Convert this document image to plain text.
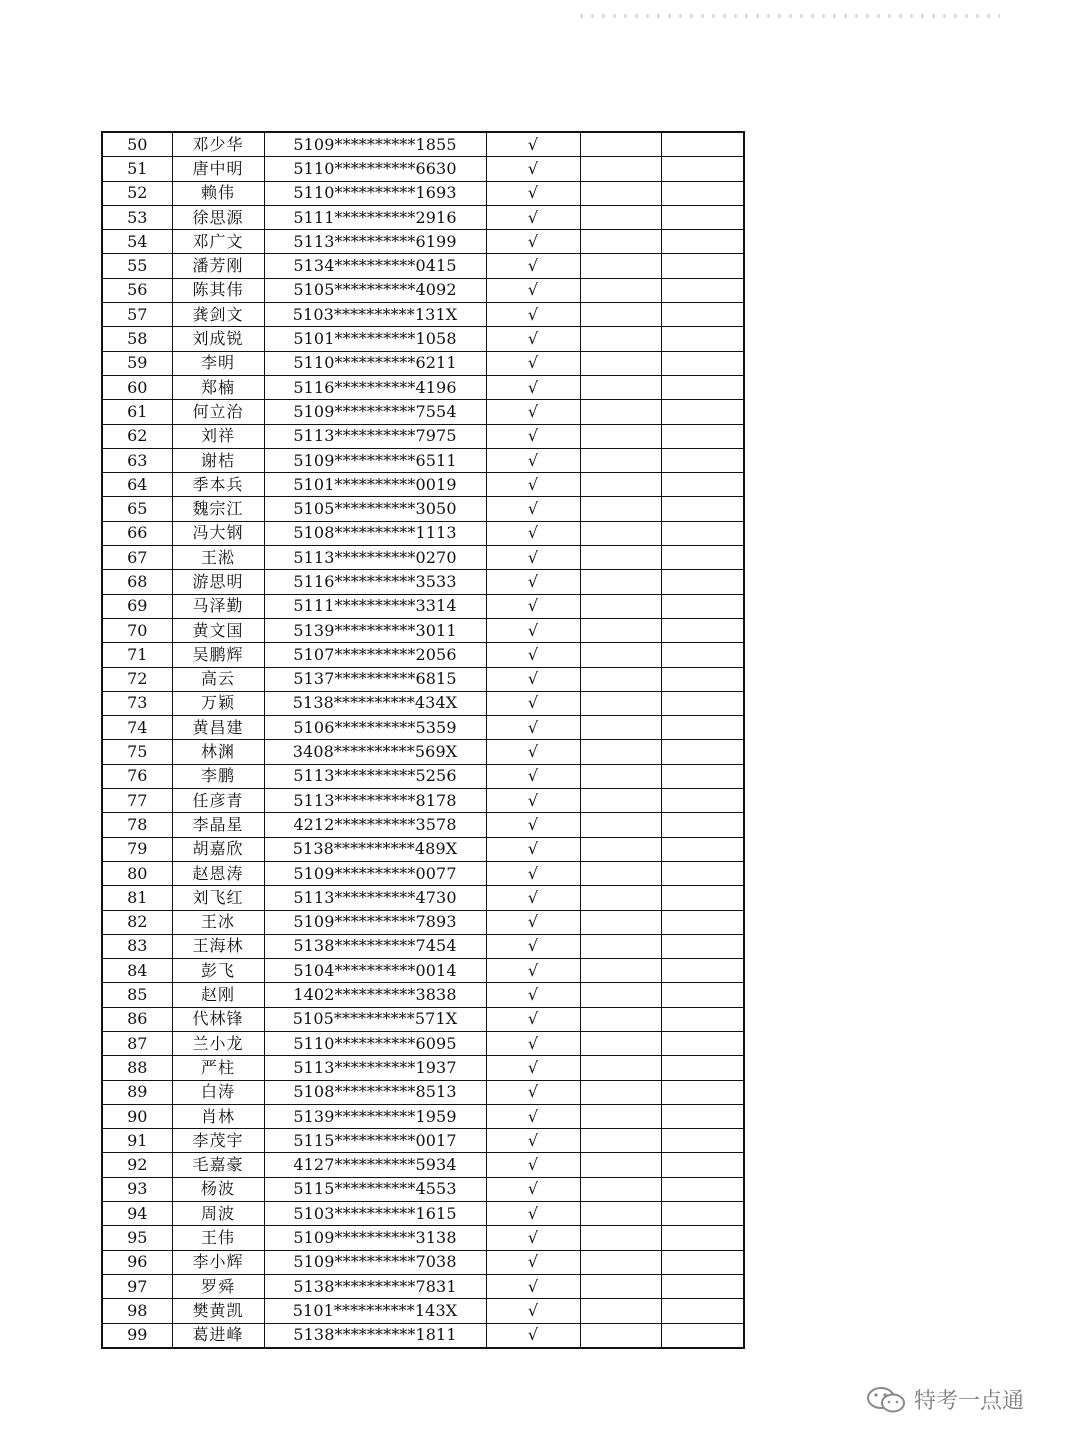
50	邓少华	5109**********1855	√		
51	唐中明	5110**********6630	√		
52	赖伟	5110**********1693	√		
53	徐思源	5111**********2916	√		
54	邓广文	5113**********6199	√		
55	潘芳刚	5134**********0415	√		
56	陈其伟	5105**********4092	√		
57	龚剑文	5103**********131X	√		
58	刘成锐	5101**********1058	√		
59	李明	5110**********6211	√		
60	郑楠	5116**********4196	√		
61	何立治	5109**********7554	√		
62	刘祥	5113**********7975	√		
63	谢桔	5109**********6511	√		
64	季本兵	5101**********0019	√		
65	魏宗江	5105**********3050	√		
66	冯大钢	5108**********1113	√		
67	王淞	5113**********0270	√		
68	游思明	5116**********3533	√		
69	马泽勤	5111**********3314	√		
70	黄文国	5139**********3011	√		
71	吴鹏辉	5107**********2056	√		
72	高云	5137**********6815	√		
73	万颖	5138**********434X	√		
74	黄昌建	5106**********5359	√		
75	林渊	3408**********569X	√		
76	李鹏	5113**********5256	√		
77	任彦青	5113**********8178	√		
78	李晶星	4212**********3578	√		
79	胡嘉欣	5138**********489X	√		
80	赵恩涛	5109**********0077	√		
81	刘飞红	5113**********4730	√		
82	王冰	5109**********7893	√		
83	王海林	5138**********7454	√		
84	彭飞	5104**********0014	√		
85	赵刚	1402**********3838	√		
86	代林锋	5105**********571X	√		
87	兰小龙	5110**********6095	√		
88	严柱	5113**********1937	√		
89	白涛	5108**********8513	√		
90	肖林	5139**********1959	√		
91	李茂宇	5115**********0017	√		
92	毛嘉豪	4127**********5934	√		
93	杨波	5115**********4553	√		
94	周波	5103**********1615	√		
95	王伟	5109**********3138	√		
96	李小辉	5109**********7038	√		
97	罗舜	5138**********7831	√		
98	樊黄凯	5101**********143X	√		
99	葛进峰	5138**********1811	√		
特考一点通
